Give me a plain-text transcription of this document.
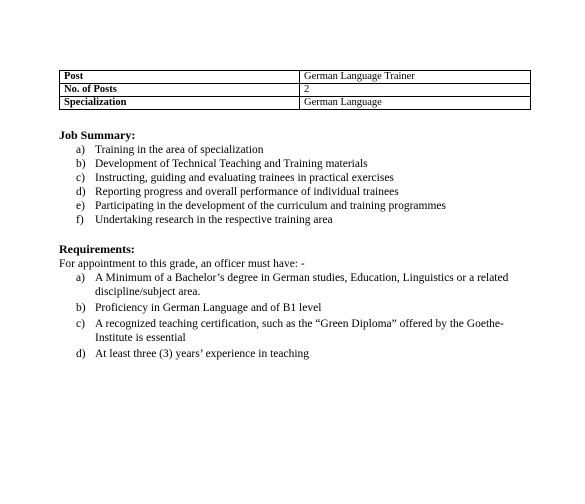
Post	German Language Trainer
No. of Posts	2
Specialization	German Language
Job Summary:
a) Training in the area of specialization
b) Development of Technical Teaching and Training materials
c) Instructing, guiding and evaluating trainees in practical exercises
d) Reporting progress and overall performance of individual trainees
e) Participating in the development of the curriculum and training programmes
f) Undertaking research in the respective training area
Requirements:
For appointment to this grade, an officer must have: -
a) A Minimum of a Bachelor’s degree in German studies, Education, Linguistics or a related discipline/subject area.
b) Proficiency in German Language and of B1 level
c) A recognized teaching certification, such as the “Green Diploma” offered by the Goethe-Institute is essential
d) At least three (3) years’ experience in teaching
